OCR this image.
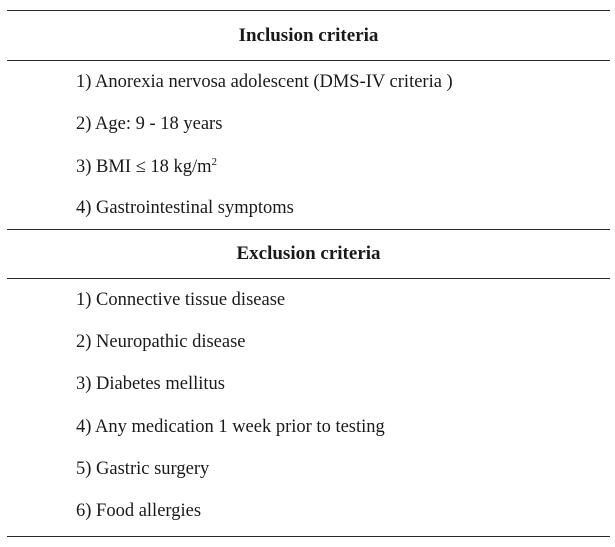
Inclusion criteria
1) Anorexia nervosa adolescent (DMS-IV criteria )
2) Age: 9 - 18 years
3) BMI ≤ 18 $kg/m^2$
4) Gastrointestinal symptoms
Exclusion criteria
1) Connective tissue disease
2) Neuropathic disease
3) Diabetes mellitus
4) Any medication 1 week prior to testing
5) Gastric surgery
6) Food allergies
